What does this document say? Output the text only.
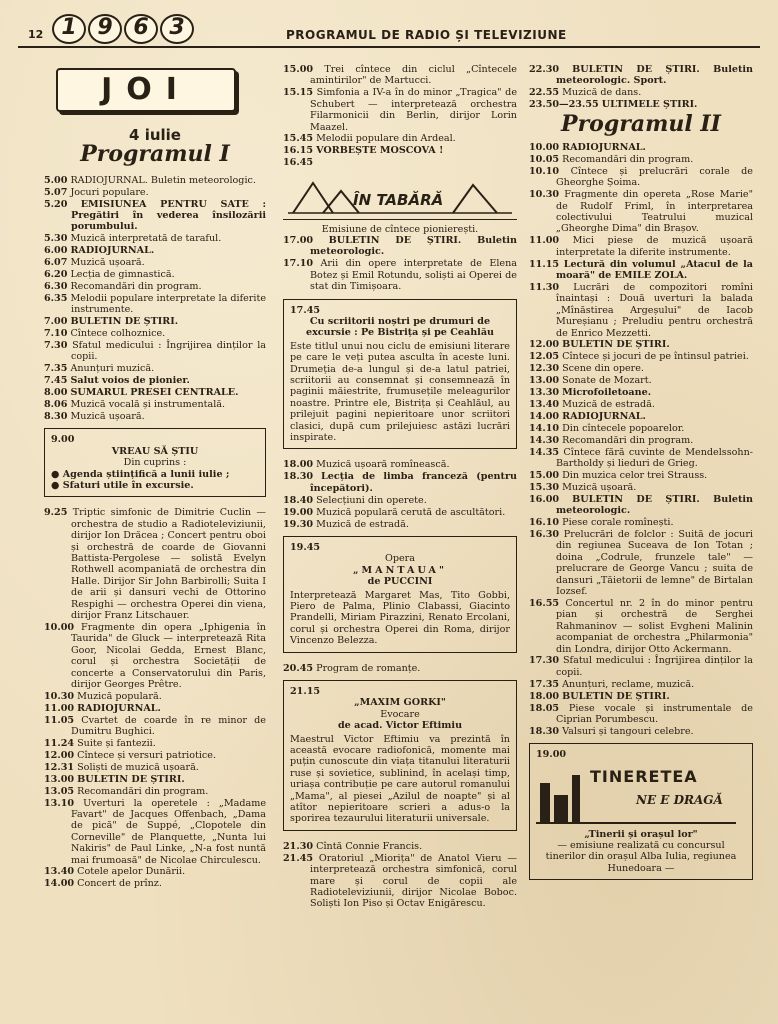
12 1 9 6 3	PROGRAMUL DE RADIO ȘI TELEVIZIUNE
JOI
4 iulie
Programul I
5.00 RADIOJURNAL. Buletin meteorologic.
5.07 Jocuri populare.
5.20 EMISIUNEA PENTRU SATE : Pregătiri în vederea însilozării porumbului.
5.30 Muzică interpretată de taraful.
6.00 RADIOJURNAL.
6.07 Muzică ușoară.
6.20 Lecția de gimnastică.
6.30 Recomandări din program.
6.35 Melodii populare interpretate la diferite instrumente.
7.00 BULETIN DE ȘTIRI.
7.10 Cîntece colhoznice.
7.30 Sfatul medicului : Îngrijirea dinților la copii.
7.35 Anunțuri muzică.
7.45 Salut voios de pionier.
8.00 SUMARUL PRESEI CENTRALE.
8.06 Muzică vocală și instrumentală.
8.30 Muzică ușoară.
9.00
VREAU SĂ ȘTIU
Din cuprins :
● Agenda științifică a lunii iulie ;
● Sfaturi utile în excursie.
9.25 Triptic simfonic de Dimitrie Cuclin — orchestra de studio a Radioteleviziunii, dirijor Ion Drăcea ; Concert pentru oboi și orchestră de coarde de Giovanni Battista-Pergolese — solistă Evelyn Rothwell acompaniată de orchestra din Halle. Dirijor Sir John Barbirolli; Suita I de arii și dansuri vechi de Ottorino Respighi — orchestra Operei din viena, dirijor Franz Litschauer.
10.00 Fragmente din opera „Iphigenia în Taurida" de Gluck — interpretează Rita Goor, Nicolai Gedda, Ernest Blanc, corul și orchestra Societății de concerte a Conservatorului din Paris, dirijor Georges Prêtre.
10.30 Muzică populară.
11.00 RADIOJURNAL.
11.05 Cvartet de coarde în re minor de Dumitru Bughici.
11.24 Suite și fantezii.
12.00 Cîntece și versuri patriotice.
12.31 Soliști de muzică ușoară.
13.00 BULETIN DE ȘTIRI.
13.05 Recomandări din program.
13.10 Uverturi la operetele : „Madame Favart" de Jacques Offenbach, „Dama de pică" de Suppé, „Clopotele din Corneville" de Planquette, „Nunta lui Nakiris" de Paul Linke, „N-a fost nuntă mai frumoasă" de Nicolae Chirculescu.
13.40 Cotele apelor Dunării.
14.00 Concert de prînz.
15.00 Trei cîntece din ciclul „Cîntecele amintirilor" de Martucci.
15.15 Simfonia a IV-a în do minor „Tragica" de Schubert — interpretează orchestra Filarmonicii din Berlin, dirijor Lorin Maazel.
15.45 Melodii populare din Ardeal.
16.15 VORBEȘTE MOSCOVA !
16.45
ÎN TABĂRĂ
Emisiune de cîntece pionierești.
17.00 BULETIN DE ȘTIRI. Buletin meteorologic.
17.10 Arii din opere interpretate de Elena Botez și Emil Rotundu, soliști ai Operei de stat din Timișoara.
17.45
Cu scriitorii noștri pe drumuri de excursie : Pe Bistrița și pe Ceahlău
Este titlul unui nou ciclu de emisiuni literare pe care le veți putea asculta în aceste luni. Drumeția de-a lungul și de-a latul patriei, scriitorii au consemnat și consemnează în paginii măiestrite, frumusețile meleagurilor noastre. Printre ele, Bistrița și Ceahlăul, au prilejuit pagini nepieritoare unor scriitori clasici, după cum prilejuiesc astăzi lucrări inspirate.
18.00 Muzică ușoară romînească.
18.30 Lecția de limba franceză (pentru începători).
18.40 Selecțiuni din operete.
19.00 Muzică populară cerută de ascultători.
19.30 Muzică de estradă.
19.45
Opera
„MANTAUA"
de PUCCINI
Interpretează Margaret Mas, Tito Gobbi, Piero de Palma, Plinio Clabassi, Giacinto Prandelli, Miriam Pirazzini, Renato Ercolani, corul și orchestra Operei din Roma, dirijor Vincenzo Belezza.
20.45 Program de romanțe.
21.15
„MAXIM GORKI"
Evocare
de acad. Victor Eftimiu
Maestrul Victor Eftimiu va prezintă în această evocare radiofonică, momente mai puțin cunoscute din viața titanului literaturii ruse și sovietice, sublinind, în același timp, uriașa contribuție pe care autorul romanului „Mama", al piesei „Azilul de noapte" și al atîtor nepieritoare scrieri a adus-o la sporirea tezaurului literaturii universale.
21.30 Cîntă Connie Francis.
21.45 Oratoriul „Miorița" de Anatol Vieru — interpretează orchestra simfonică, corul mare și corul de copii ale Radioteleviziunii, dirijor Nicolae Boboc. Soliști Ion Piso și Octav Enigărescu.
22.30 BULETIN DE ȘTIRI. Buletin meteorologic. Sport.
22.55 Muzică de dans.
23.50—23.55 ULTIMELE ȘTIRI.
Programul II
10.00 RADIOJURNAL.
10.05 Recomandări din program.
10.10 Cîntece și prelucrări corale de Gheorghe Șoima.
10.30 Fragmente din opereta „Rose Marie" de Rudolf Friml, în interpretarea colectivului Teatrului muzical „Gheorghe Dima" din Brașov.
11.00 Mici piese de muzică ușoară interpretate la diferite instrumente.
11.15 Lectură din volumul „Atacul de la moară" de EMILE ZOLA.
11.30 Lucrări de compozitori romîni înaintași : Două uverturi la balada „Mînăstirea Argeșului" de Iacob Mureșianu ; Preludiu pentru orchestră de Enrico Mezzetti.
12.00 BULETIN DE ȘTIRI.
12.05 Cîntece și jocuri de pe întinsul patriei.
12.30 Scene din opere.
13.00 Sonate de Mozart.
13.30 Microfoiletoane.
13.40 Muzică de estradă.
14.00 RADIOJURNAL.
14.10 Din cîntecele popoarelor.
14.30 Recomandări din program.
14.35 Cîntece fără cuvinte de Mendelssohn-Bartholdy și lieduri de Grieg.
15.00 Din muzica celor trei Strauss.
15.30 Muzică ușoară.
16.00 BULETIN DE ȘTIRI. Buletin meteorologic.
16.10 Piese corale romînești.
16.30 Prelucrări de folclor : Suită de jocuri din regiunea Suceava de Ion Totan ; doina „Codrule, frunzele tale" — prelucrare de George Vancu ; suita de dansuri „Tăietorii de lemne" de Birtalan Iozsef.
16.55 Concertul nr. 2 în do minor pentru pian și orchestră de Serghei Rahmaninov — solist Evgheni Malinin acompaniat de orchestra „Philarmonia" din Londra, dirijor Otto Ackermann.
17.30 Sfatul medicului : Îngrijirea dinților la copii.
17.35 Anunțuri, reclame, muzică.
18.00 BULETIN DE ȘTIRI.
18.05 Piese vocale și instrumentale de Ciprian Porumbescu.
18.30 Valsuri și tangouri celebre.
19.00
TINERETEA
NE E DRAGĂ
„Tinerii și orașul lor"
— emisiune realizată cu concursul tinerilor din orașul Alba Iulia, regiunea Hunedoara —
